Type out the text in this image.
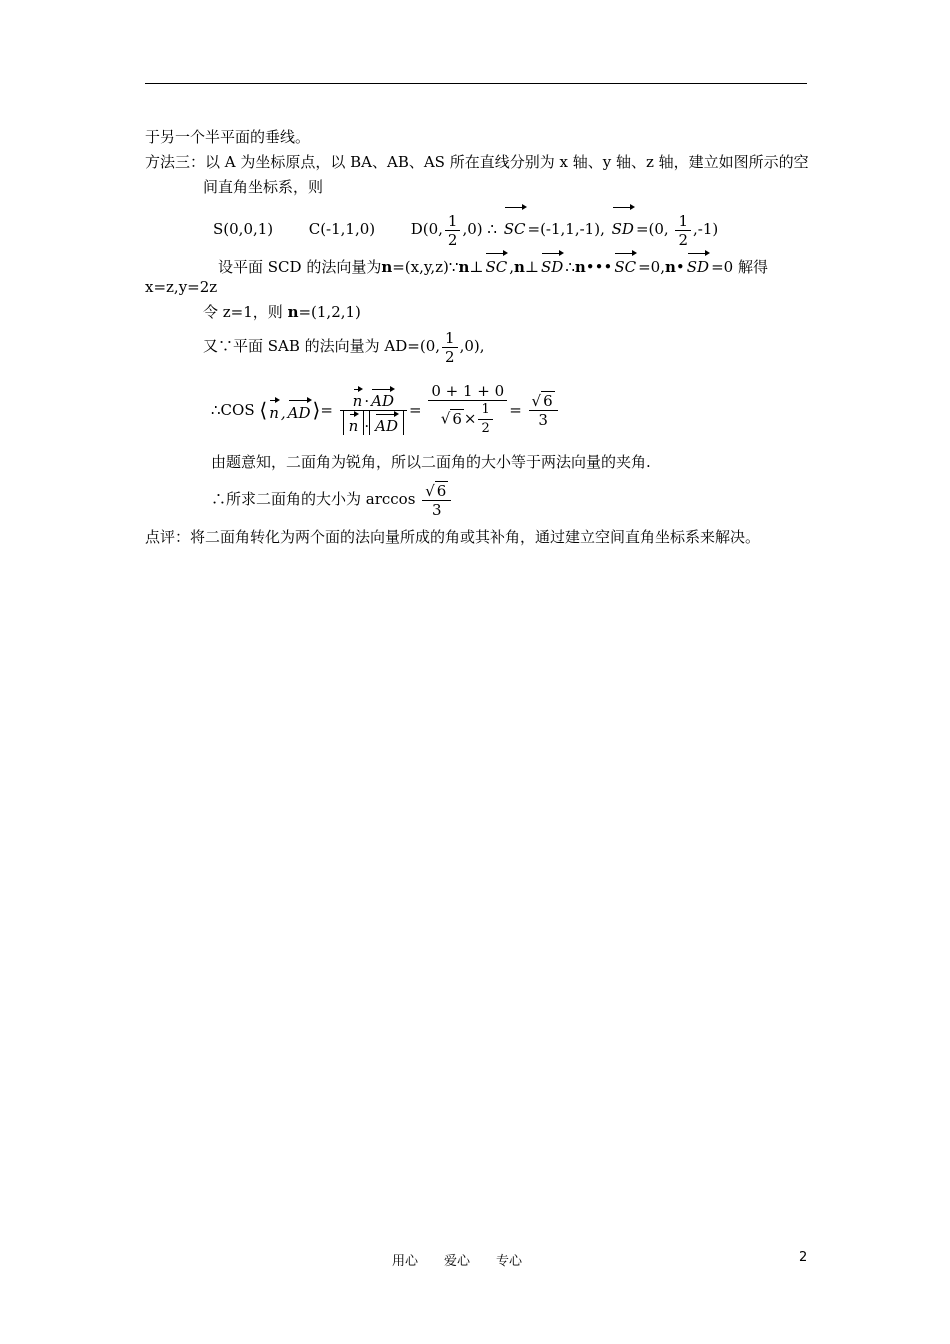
于另一个半平面的垂线。
方法三：以 A 为坐标原点，以 BA、AB、AS 所在直线分别为 x 轴、y 轴、z 轴，建立如图所示的空
间直角坐标系，则
S(0,0,1) C(-1,1,0) D(0, $\frac{1}{2} ,0$) ∴ SC =(-1,1,-1), SD =(0, $\frac{1}{2} ,-1$)
设平面 SCD 的法向量为n=(x,y,z)∵n⊥ SC ,n⊥ SD ∴n••• SC =0,n• SD =0 解得
x=z,y=2z
令 z=1，则 n=(1,2,1)
又∵平面 SAB 的法向量为 AD=(0, $\frac{1}{2} ,0$),
∴COS ⟨ n , AD ⟩= $\frac{n \cdot AD}{n \cdot AD} = \frac{0 + 1 + 0}{√ 6 \times \frac{1}{2}} = \frac{√ 6}{3}$
由题意知，二面角为锐角，所以二面角的大小等于两法向量的夹角.
∴所求二面角的大小为 $\arccos \frac{√ 6}{3}$
点评：将二面角转化为两个面的法向量所成的角或其补角，通过建立空间直角坐标系来解决。
用心　　爱心　　专心	2
